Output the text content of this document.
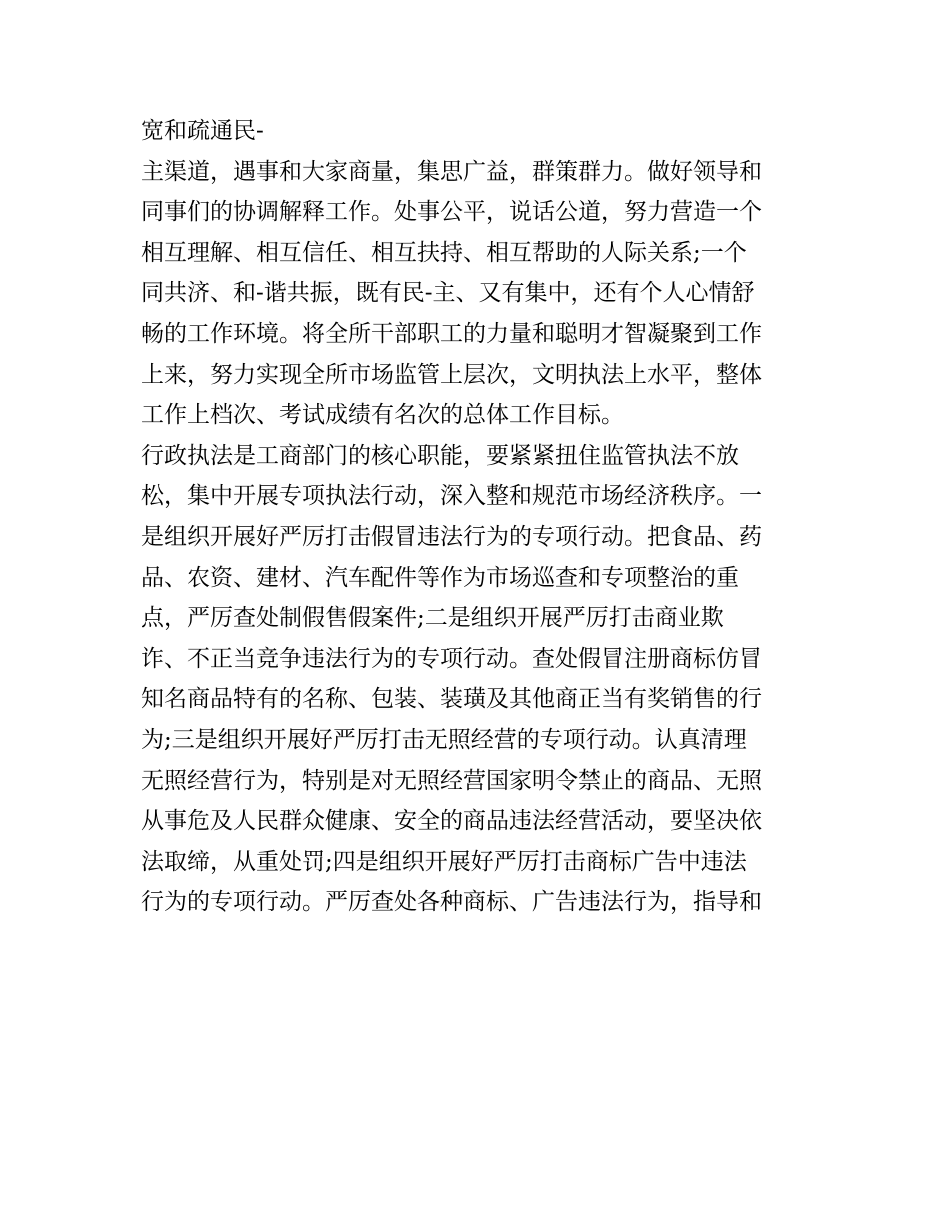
宽和疏通民-
主渠道，遇事和大家商量，集思广益，群策群力。做好领导和
同事们的协调解释工作。处事公平，说话公道，努力营造一个
相互理解、相互信任、相互扶持、相互帮助的人际关系;一个
同共济、和-谐共振，既有民-主、又有集中，还有个人心情舒
畅的工作环境。将全所干部职工的力量和聪明才智凝聚到工作
上来，努力实现全所市场监管上层次，文明执法上水平，整体
工作上档次、考试成绩有名次的总体工作目标。
行政执法是工商部门的核心职能，要紧紧扭住监管执法不放
松，集中开展专项执法行动，深入整和规范市场经济秩序。一
是组织开展好严厉打击假冒违法行为的专项行动。把食品、药
品、农资、建材、汽车配件等作为市场巡查和专项整治的重
点，严厉查处制假售假案件;二是组织开展严厉打击商业欺
诈、不正当竞争违法行为的专项行动。查处假冒注册商标仿冒
知名商品特有的名称、包装、装璜及其他商正当有奖销售的行
为;三是组织开展好严厉打击无照经营的专项行动。认真清理
无照经营行为，特别是对无照经营国家明令禁止的商品、无照
从事危及人民群众健康、安全的商品违法经营活动，要坚决依
法取缔，从重处罚;四是组织开展好严厉打击商标广告中违法
行为的专项行动。严厉查处各种商标、广告违法行为，指导和
